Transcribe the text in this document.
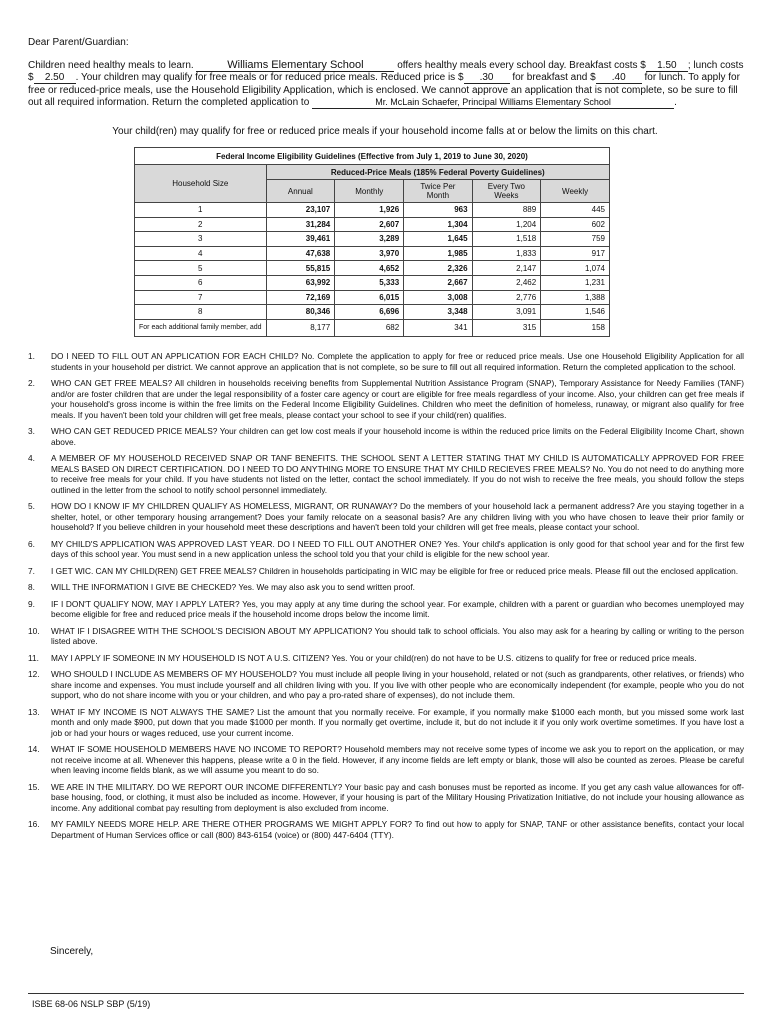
Dear Parent/Guardian:
Children need healthy meals to learn.	Williams Elementary School	offers healthy meals every school day. Breakfast costs $ 1.50 ; lunch costs $ 2.50 . Your children may qualify for free meals or for reduced price meals. Reduced price is $ .30 for breakfast and $ .40 for lunch. To apply for free or reduced-price meals, use the Household Eligibility Application, which is enclosed. We cannot approve an application that is not complete, so be sure to fill out all required information. Return the completed application to	Mr. McLain Schaefer, Principal Williams Elementary School	.
Your child(ren) may qualify for free or reduced price meals if your household income falls at or below the limits on this chart.
Federal Income Eligibility Guidelines (Effective from July 1, 2019 to June 30, 2020)					
Household Size	Reduced-Price Meals (185% Federal Poverty Guidelines)				
	Annual	Monthly	Twice Per Month	Every Two Weeks	Weekly
1	23,107	1,926	963	889	445
2	31,284	2,607	1,304	1,204	602
3	39,461	3,289	1,645	1,518	759
4	47,638	3,970	1,985	1,833	917
5	55,815	4,652	2,326	2,147	1,074
6	63,992	5,333	2,667	2,462	1,231
7	72,169	6,015	3,008	2,776	1,388
8	80,346	6,696	3,348	3,091	1,546
For each additional family member, add	8,177	682	341	315	158
1.	DO I NEED TO FILL OUT AN APPLICATION FOR EACH CHILD? No. Complete the application to apply for free or reduced price meals. Use one Household Eligibility Application for all students in your household per district. We cannot approve an application that is not complete, so be sure to fill out all required information. Return the completed application to the school.
2.	WHO CAN GET FREE MEALS? All children in households receiving benefits from Supplemental Nutrition Assistance Program (SNAP), Temporary Assistance for Needy Families (TANF) and/or are foster children that are under the legal responsibility of a foster care agency or court are eligible for free meals regardless of your income. Also, your children can get free meals if your household's gross income is within the free limits on the Federal Income Eligibility Guidelines. Children who meet the definition of homeless, runaway, or migrant also qualify for free meals. If you haven't been told your children will get free meals, please contact your school to see if your child(ren) qualifies.
3.	WHO CAN GET REDUCED PRICE MEALS? Your children can get low cost meals if your household income is within the reduced price limits on the Federal Eligibility Income Chart, shown above.
4.	A MEMBER OF MY HOUSEHOLD RECEIVED SNAP OR TANF BENEFITS. THE SCHOOL SENT A LETTER STATING THAT MY CHILD IS AUTOMATICALLY APPROVED FOR FREE MEALS BASED ON DIRECT CERTIFICATION. DO I NEED TO DO ANYTHING MORE TO ENSURE THAT MY CHILD RECIEVES FREE MEALS? No. You do not need to do anything more to receive free meals for your child. If you have students not listed on the letter, contact the school immediately. If you do not wish to receive the free meals, you should follow the steps outlined in the letter from the school to notify school personnel immediately.
5.	HOW DO I KNOW IF MY CHILDREN QUALIFY AS HOMELESS, MIGRANT, OR RUNAWAY? Do the members of your household lack a permanent address? Are you staying together in a shelter, hotel, or other temporary housing arrangement? Does your family relocate on a seasonal basis? Are any children living with you who have chosen to leave their prior family or household? If you believe children in your household meet these descriptions and haven't been told your children will get free meals, please contact your school.
6.	MY CHILD'S APPLICATION WAS APPROVED LAST YEAR. DO I NEED TO FILL OUT ANOTHER ONE? Yes. Your child's application is only good for that school year and for the first few days of this school year. You must send in a new application unless the school told you that your child is eligible for the new school year.
7.	I GET WIC. CAN MY CHILD(REN) GET FREE MEALS? Children in households participating in WIC may be eligible for free or reduced price meals. Please fill out the enclosed application.
8.	WILL THE INFORMATION I GIVE BE CHECKED? Yes. We may also ask you to send written proof.
9.	IF I DON'T QUALIFY NOW, MAY I APPLY LATER? Yes, you may apply at any time during the school year. For example, children with a parent or guardian who becomes unemployed may become eligible for free and reduced price meals if the household income drops below the income limit.
10.	WHAT IF I DISAGREE WITH THE SCHOOL'S DECISION ABOUT MY APPLICATION? You should talk to school officials. You also may ask for a hearing by calling or writing to the person listed above.
11.	MAY I APPLY IF SOMEONE IN MY HOUSEHOLD IS NOT A U.S. CITIZEN? Yes. You or your child(ren) do not have to be U.S. citizens to qualify for free or reduced price meals.
12.	WHO SHOULD I INCLUDE AS MEMBERS OF MY HOUSEHOLD? You must include all people living in your household, related or not (such as grandparents, other relatives, or friends) who share income and expenses. You must include yourself and all children living with you. If you live with other people who are economically independent (for example, people who you do not support, who do not share income with you or your children, and who pay a pro-rated share of expenses), do not include them.
13.	WHAT IF MY INCOME IS NOT ALWAYS THE SAME? List the amount that you normally receive. For example, if you normally make $1000 each month, but you missed some work last month and only made $900, put down that you made $1000 per month. If you normally get overtime, include it, but do not include it if you only work overtime sometimes. If you have lost a job or had your hours or wages reduced, use your current income.
14.	WHAT IF SOME HOUSEHOLD MEMBERS HAVE NO INCOME TO REPORT? Household members may not receive some types of income we ask you to report on the application, or may not receive income at all. Whenever this happens, please write a 0 in the field. However, if any income fields are left empty or blank, those will also be counted as zeroes. Please be careful when leaving income fields blank, as we will assume you meant to do so.
15.	WE ARE IN THE MILITARY. DO WE REPORT OUR INCOME DIFFERENTLY? Your basic pay and cash bonuses must be reported as income. If you get any cash value allowances for off-base housing, food, or clothing, it must also be included as income. However, if your housing is part of the Military Housing Privatization Initiative, do not include your housing allowance as income. Any additional combat pay resulting from deployment is also excluded from income.
16.	MY FAMILY NEEDS MORE HELP. ARE THERE OTHER PROGRAMS WE MIGHT APPLY FOR? To find out how to apply for SNAP, TANF or other assistance benefits, contact your local Department of Human Services office or call (800) 843-6154 (voice) or (800) 447-6404 (TTY).
Sincerely,
ISBE 68-06 NSLP SBP (5/19)
